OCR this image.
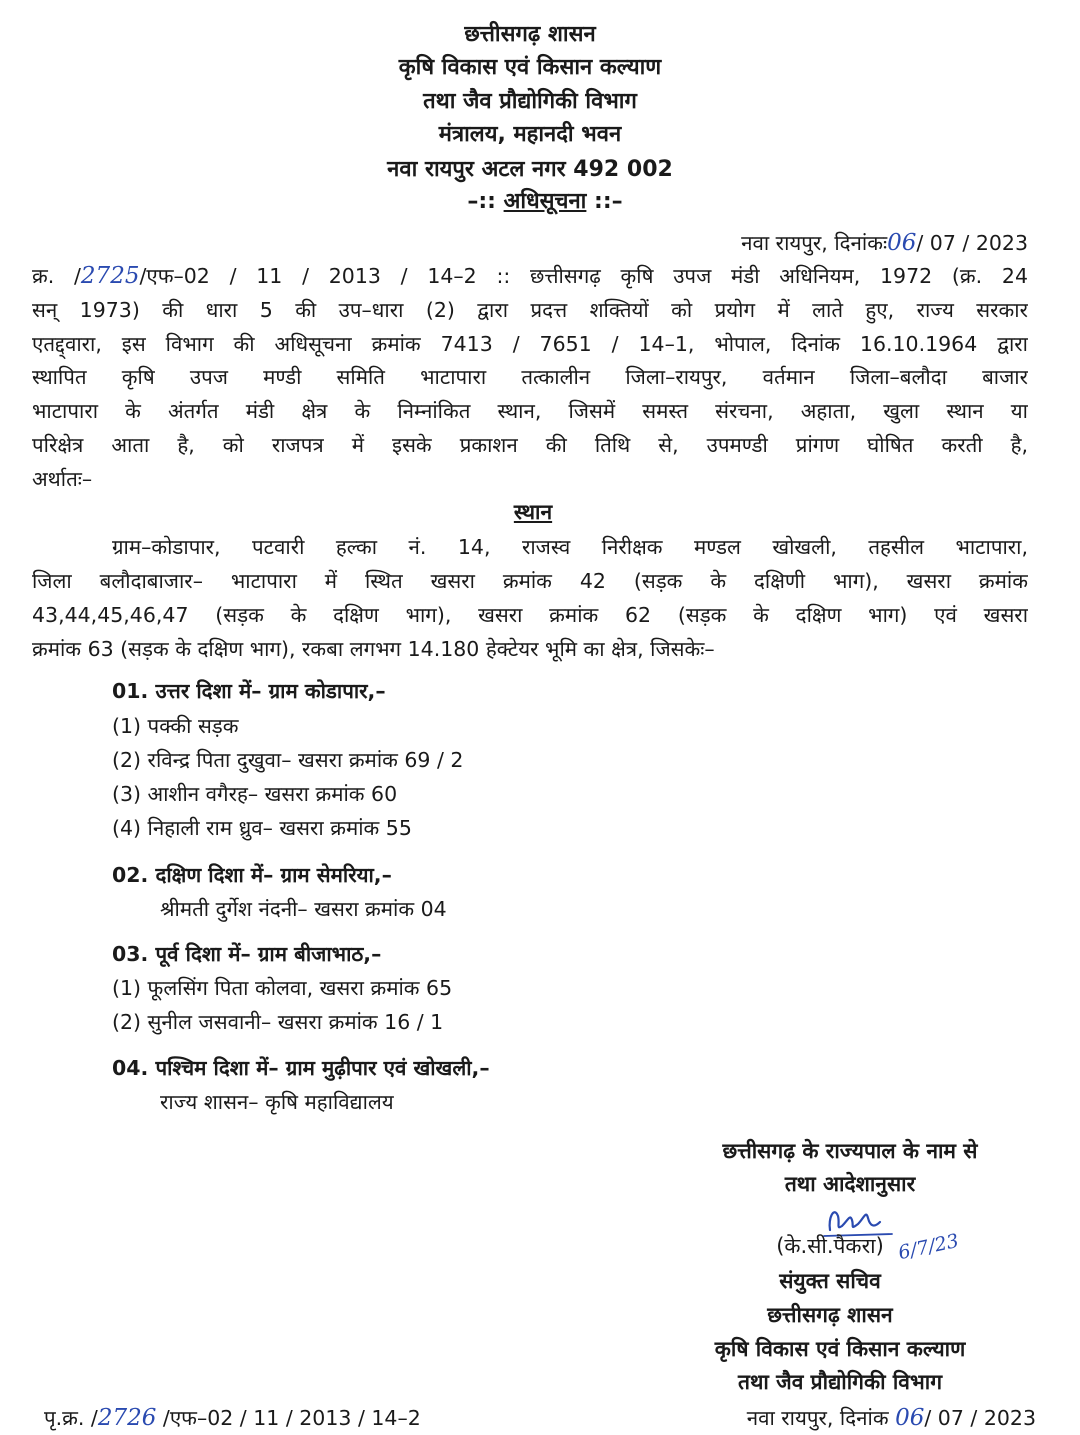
छत्तीसगढ़ शासन
कृषि विकास एवं किसान कल्याण
तथा जैव प्रौद्योगिकी विभाग
मंत्रालय, महानदी भवन
नवा रायपुर अटल नगर 492 002
–:: अधिसूचना ::–
नवा रायपुर, दिनांकः06/ 07 / 2023
क्र. /2725/एफ–02 / 11 / 2013 / 14–2 :: छत्तीसगढ़ कृषि उपज मंडी अधिनियम, 1972 (क्र. 24
सन् 1973) की धारा 5 की उप–धारा (2) द्वारा प्रदत्त शक्तियों को प्रयोग में लाते हुए, राज्य सरकार
एतद्द्वारा, इस विभाग की अधिसूचना क्रमांक 7413 / 7651 / 14–1, भोपाल, दिनांक 16.10.1964 द्वारा
स्थापित कृषि उपज मण्डी समिति भाटापारा तत्कालीन जिला–रायपुर, वर्तमान जिला–बलौदा बाजार
भाटापारा के अंतर्गत मंडी क्षेत्र के निम्नांकित स्थान, जिसमें समस्त संरचना, अहाता, खुला स्थान या
परिक्षेत्र आता है, को राजपत्र में इसके प्रकाशन की तिथि से, उपमण्डी प्रांगण घोषित करती है,
अर्थातः–
स्थान
ग्राम–कोडापार, पटवारी हल्का नं. 14, राजस्व निरीक्षक मण्डल खोखली, तहसील भाटापारा,
जिला बलौदाबाजार– भाटापारा में स्थित खसरा क्रमांक 42 (सड़क के दक्षिणी भाग), खसरा क्रमांक
43,44,45,46,47 (सड़क के दक्षिण भाग), खसरा क्रमांक 62 (सड़क के दक्षिण भाग) एवं खसरा
क्रमांक 63 (सड़क के दक्षिण भाग), रकबा लगभग 14.180 हेक्टेयर भूमि का क्षेत्र, जिसकेः–
01. उत्तर दिशा में– ग्राम कोडापार,–
(1) पक्की सड़क
(2) रविन्द्र पिता दुखुवा– खसरा क्रमांक 69 / 2
(3) आशीन वगैरह– खसरा क्रमांक 60
(4) निहाली राम ध्रुव– खसरा क्रमांक 55
02. दक्षिण दिशा में– ग्राम सेमरिया,–
श्रीमती दुर्गेश नंदनी– खसरा क्रमांक 04
03. पूर्व दिशा में– ग्राम बीजाभाठ,–
(1) फूलसिंग पिता कोलवा, खसरा क्रमांक 65
(2) सुनील जसवानी– खसरा क्रमांक 16 / 1
04. पश्चिम दिशा में– ग्राम मुढ़ीपार एवं खोखली,–
राज्य शासन– कृषि महाविद्यालय
छत्तीसगढ़ के राज्यपाल के नाम से
तथा आदेशानुसार
(के.सी.पैकरा) 6/7/23
संयुक्त सचिव
छत्तीसगढ़ शासन
कृषि विकास एवं किसान कल्याण
तथा जैव प्रौद्योगिकी विभाग
पृ.क्र. /2726 /एफ–02 / 11 / 2013 / 14–2	नवा रायपुर, दिनांक 06/ 07 / 2023
